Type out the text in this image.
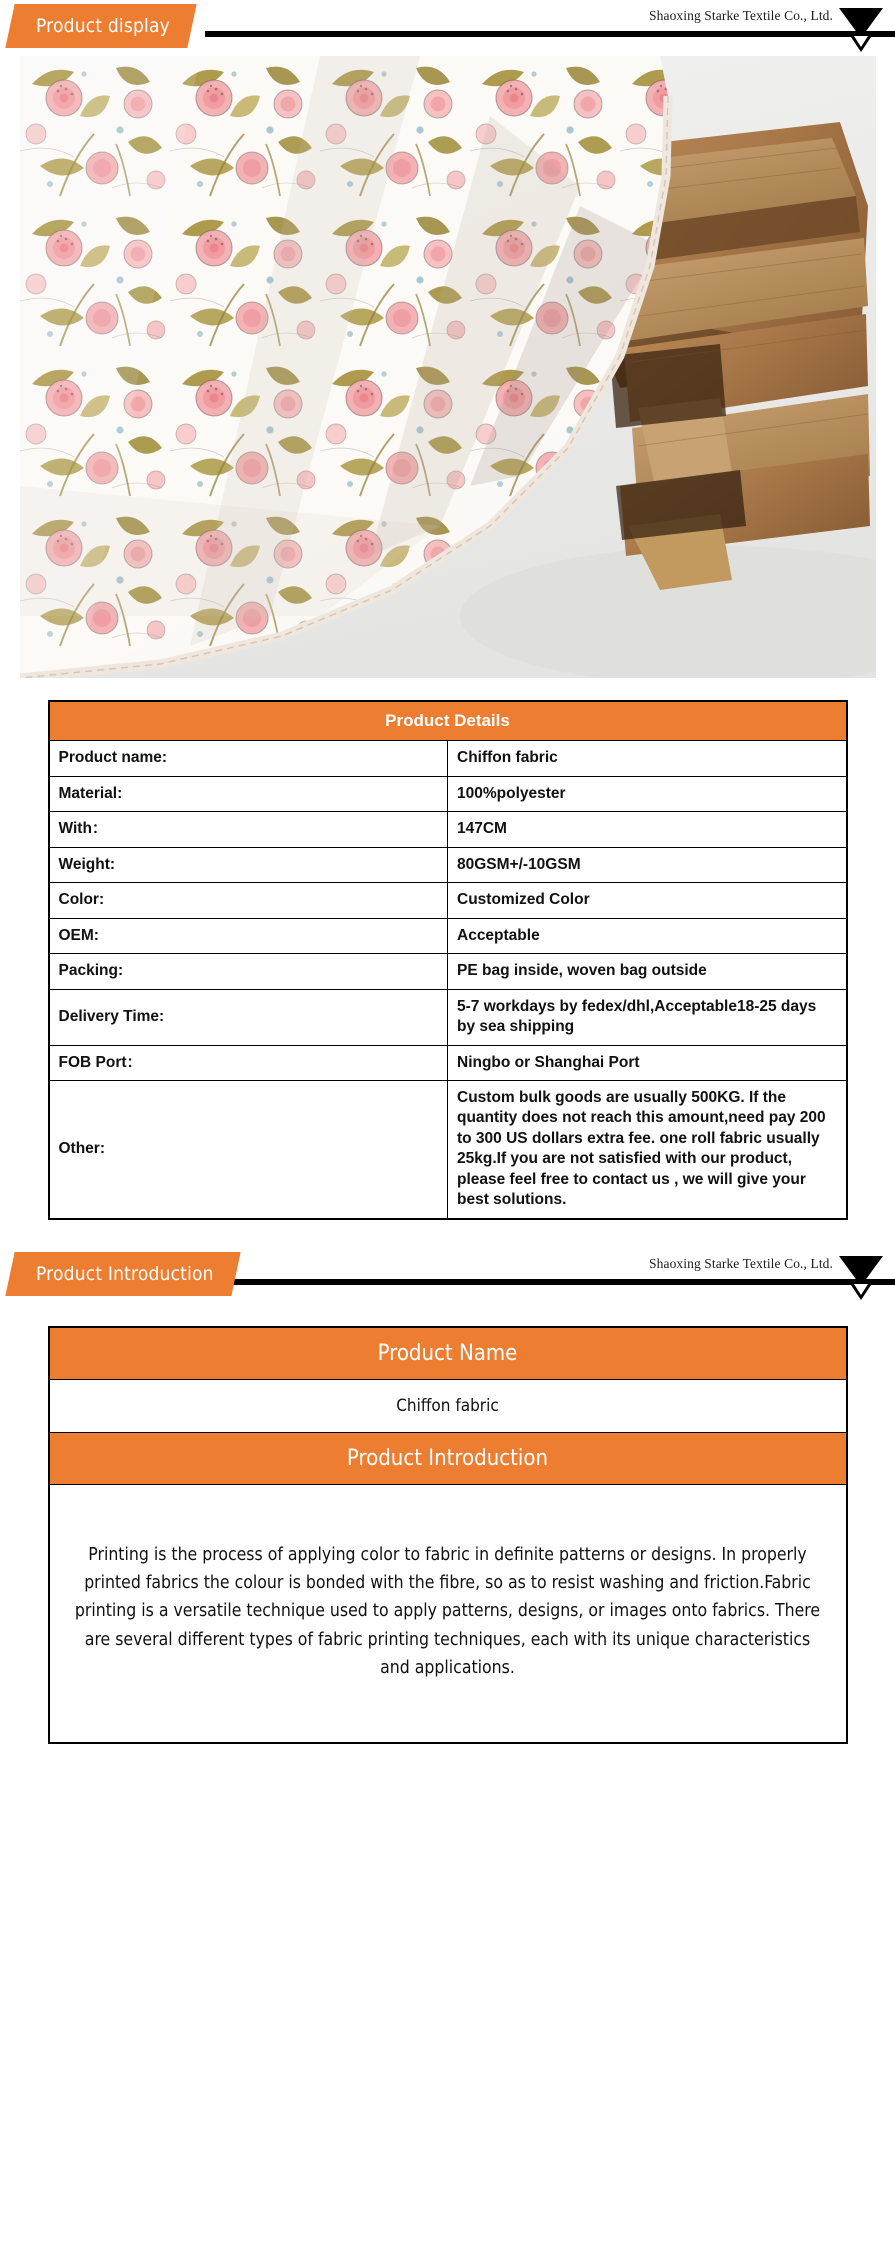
Product display	Shaoxing Starke Textile Co., Ltd.
Product Details	
Product name:	Chiffon fabric
Material:	100%polyester
With：	147CM
Weight:	80GSM+/-10GSM
Color:	Customized Color
OEM:	Acceptable
Packing:	PE bag inside, woven bag outside
Delivery Time:	5-7 workdays by fedex/dhl,Acceptable18-25 days by sea shipping
FOB Port：	Ningbo or Shanghai Port
Other:	Custom bulk goods are usually 500KG. If the quantity does not reach this amount,need pay 200 to 300 US dollars extra fee. one roll fabric usually 25kg.If you are not satisfied with our product, please feel free to contact us , we will give your best solutions.
Product Introduction	Shaoxing Starke Textile Co., Ltd.
Product Name
Chiffon fabric
Product Introduction
Printing is the process of applying color to fabric in definite patterns or designs. In properly printed fabrics the colour is bonded with the fibre, so as to resist washing and friction.Fabric printing is a versatile technique used to apply patterns, designs, or images onto fabrics. There are several different types of fabric printing techniques, each with its unique characteristics and applications.
